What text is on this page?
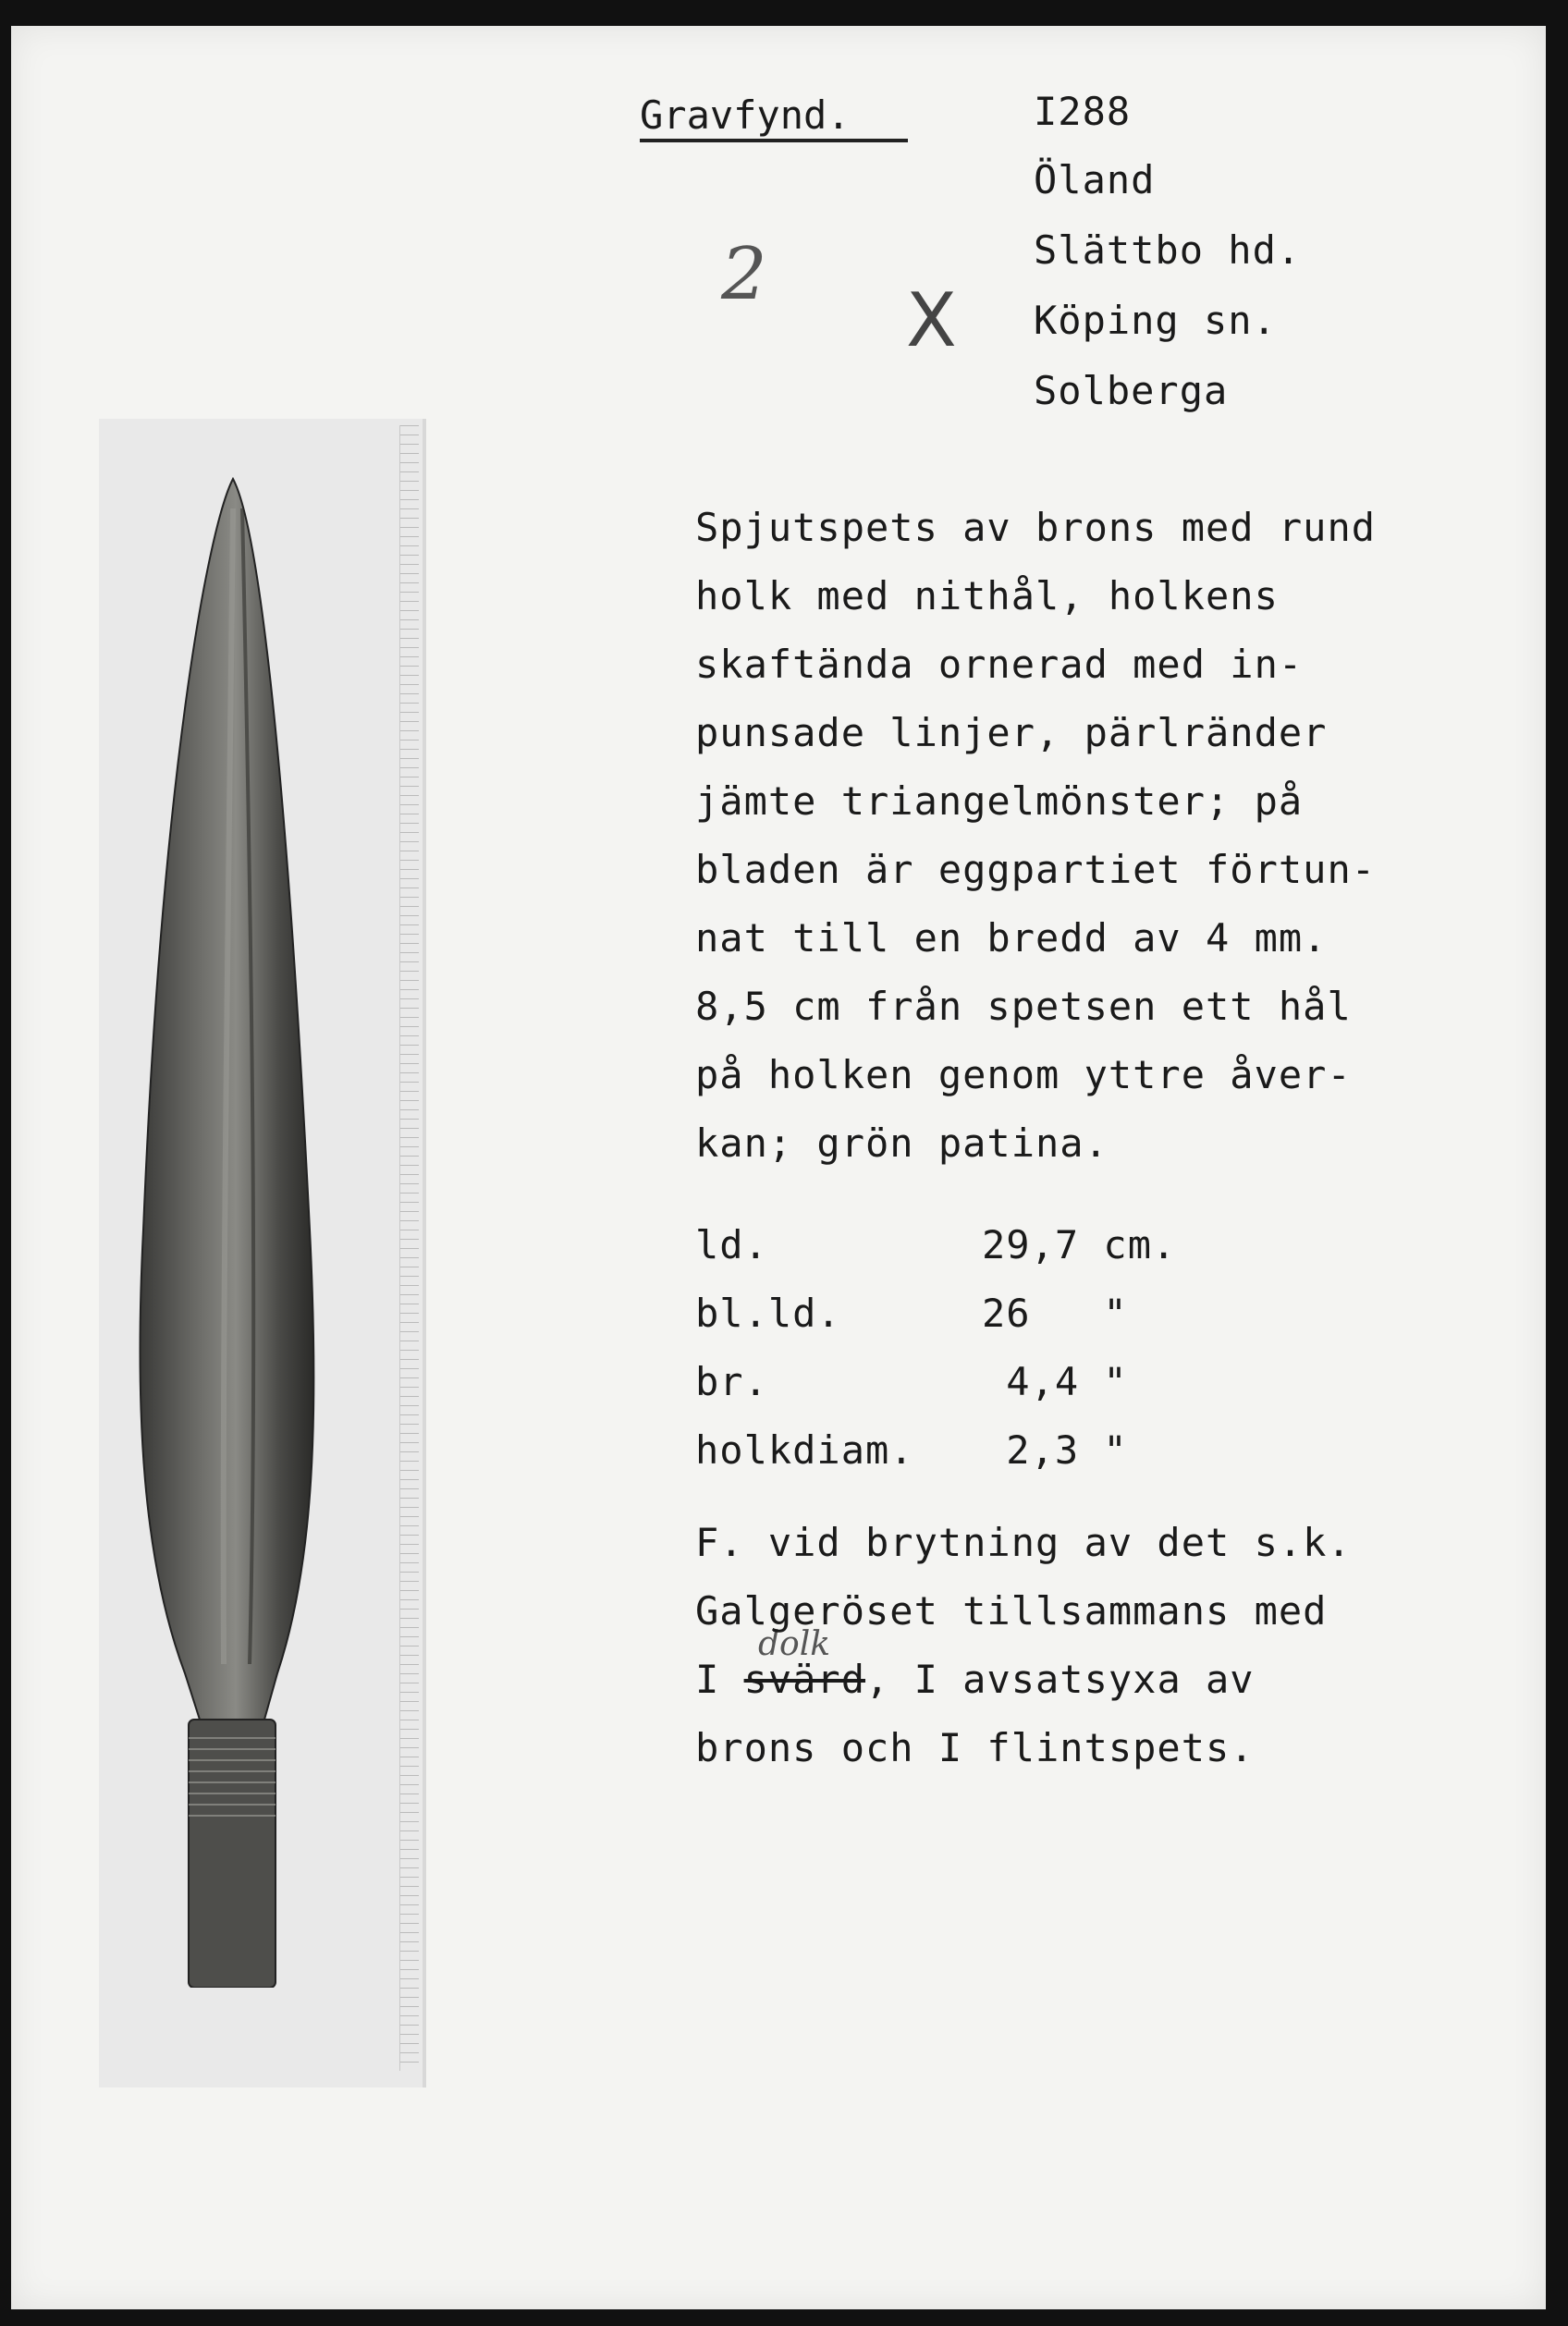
Gravfynd.
2
X
dolk
I288
Öland
Slättbo hd.
Köping sn.
Solberga
Spjutspets av brons med rund
holk med nithål, holkens
skaftända ornerad med in-
punsade linjer, pärlränder
jämte triangelmönster; på
bladen är eggpartiet förtun-
nat till en bredd av 4 mm.
8,5 cm från spetsen ett hål
på holken genom yttre åver-
kan; grön patina.
ld.	29,7 cm.
bl.ld.	26   "
br.	4,4 "
holkdiam. 2,3 "
F. vid brytning av det s.k.
Galgeröset tillsammans med
I svärd, I avsatsyxa av
brons och I flintspets.
